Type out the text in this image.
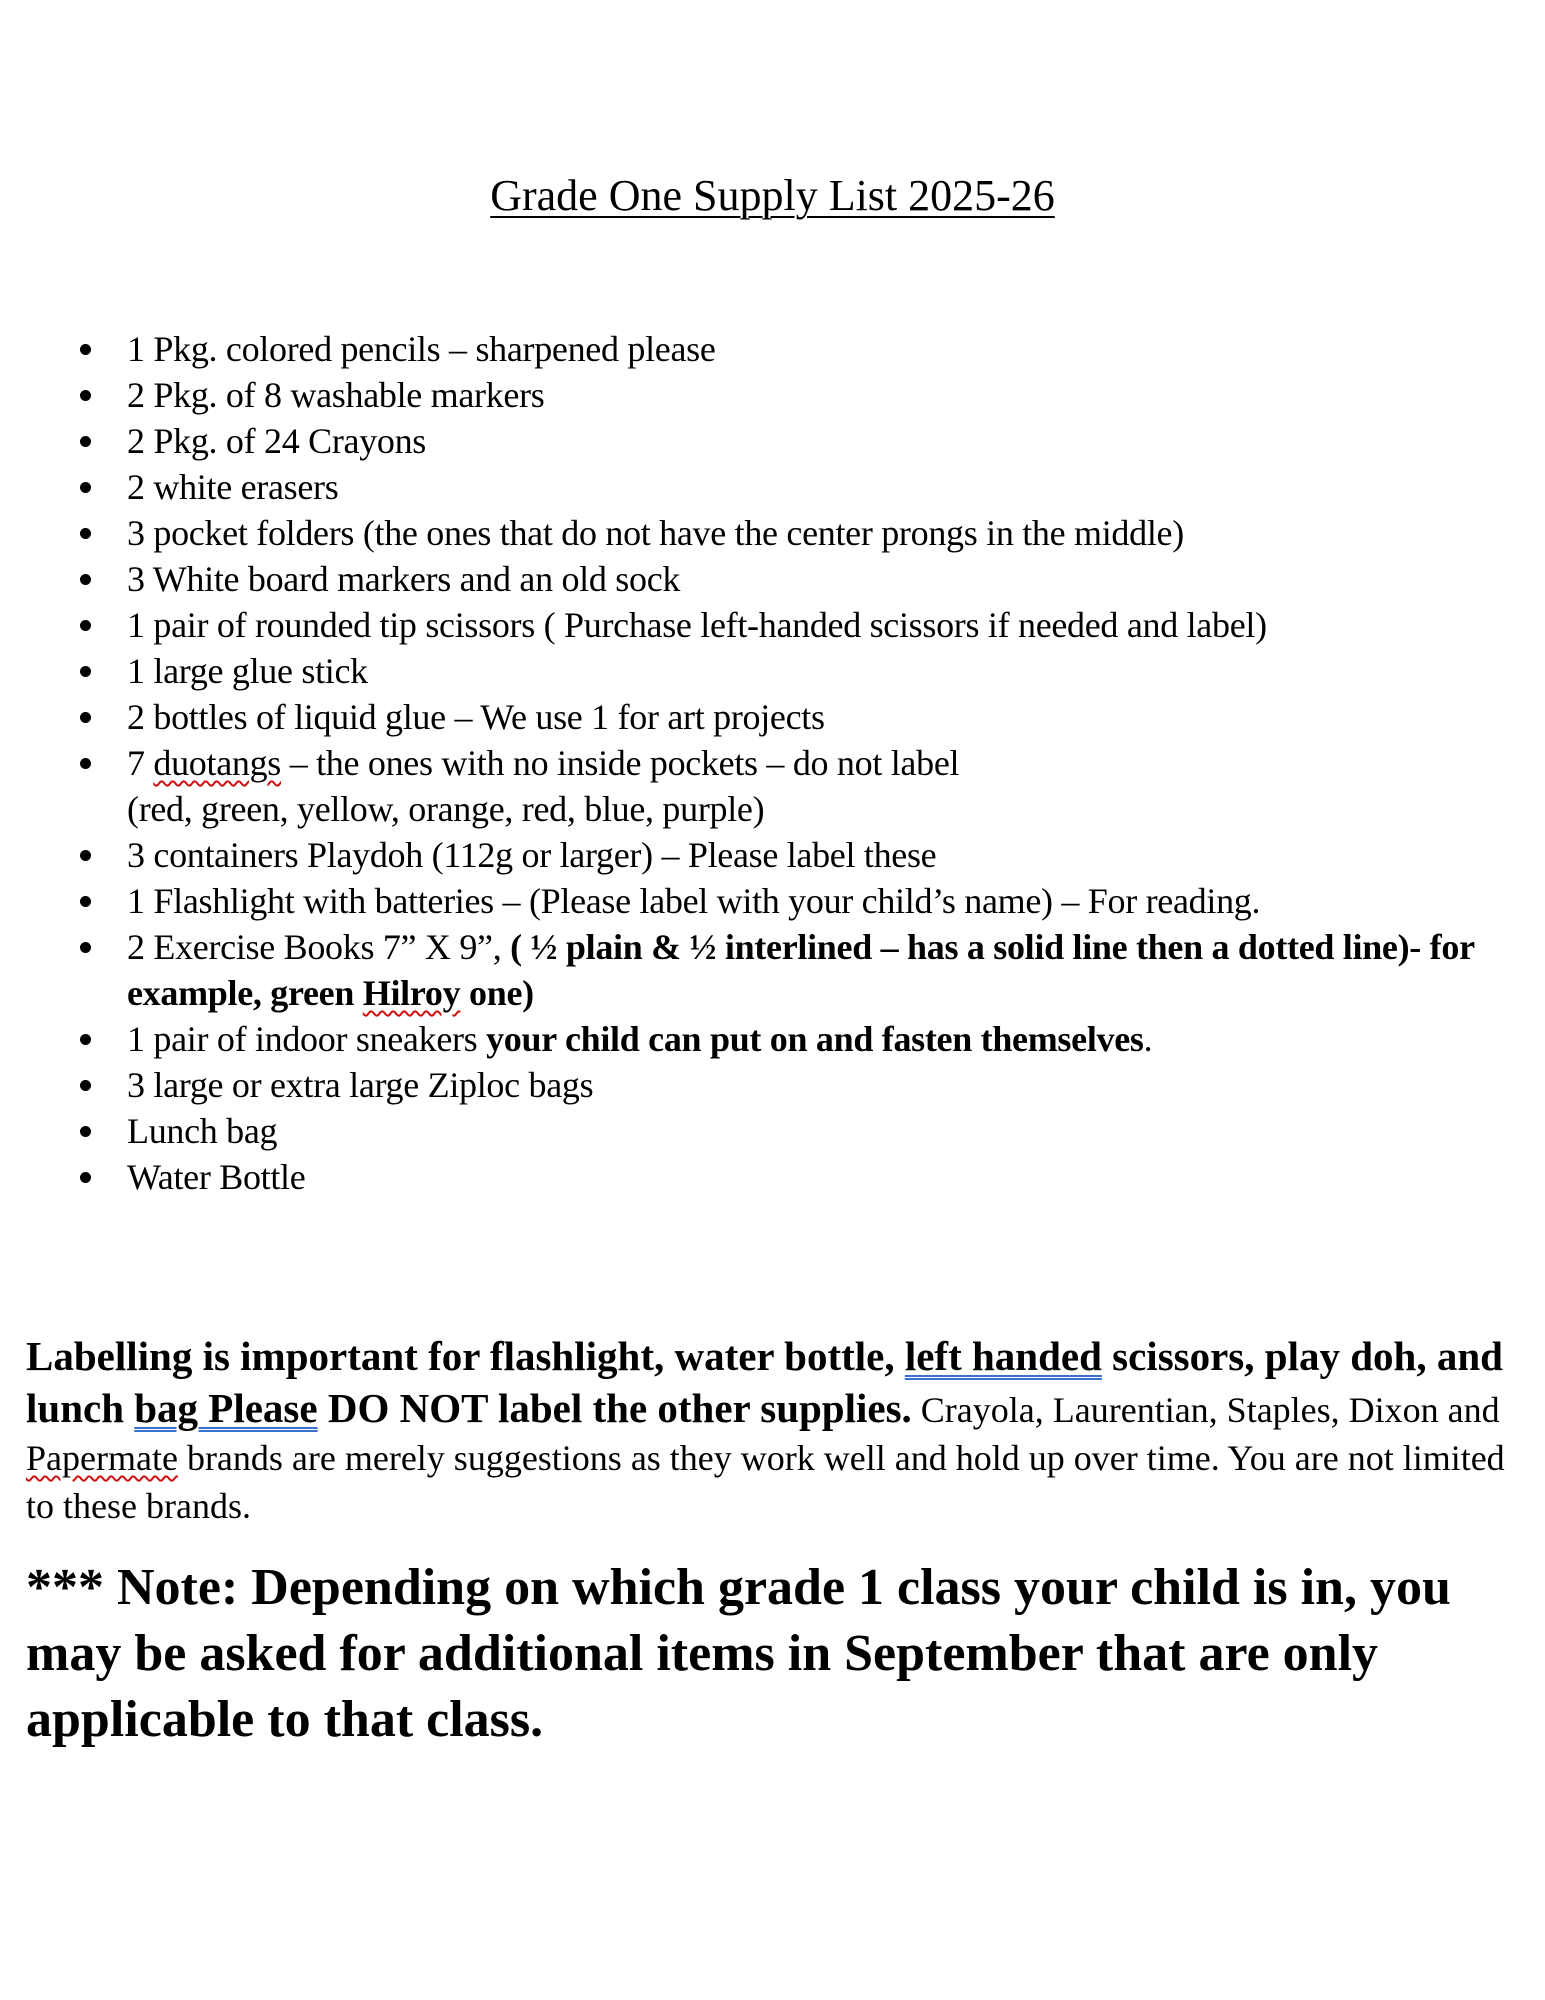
Grade One Supply List 2025-26
1 Pkg. colored pencils – sharpened please
2 Pkg. of 8 washable markers
2 Pkg. of 24 Crayons
2 white erasers
3 pocket folders (the ones that do not have the center prongs in the middle)
3 White board markers and an old sock
1 pair of rounded tip scissors ( Purchase left-handed scissors if needed and label)
1 large glue stick
2 bottles of liquid glue – We use 1 for art projects
7 duotangs – the ones with no inside pockets – do not label
(red, green, yellow, orange, red, blue, purple)
3 containers Playdoh (112g or larger) – Please label these
1 Flashlight with batteries – (Please label with your child’s name) – For reading.
2 Exercise Books 7” X 9”, ( ½ plain & ½ interlined – has a solid line then a dotted line)- for example, green Hilroy one)
1 pair of indoor sneakers your child can put on and fasten themselves.
3 large or extra large Ziploc bags
Lunch bag
Water Bottle
Labelling is important for flashlight, water bottle, left handed scissors, play doh, and lunch bag Please DO NOT label the other supplies. Crayola, Laurentian, Staples, Dixon and Papermate brands are merely suggestions as they work well and hold up over time. You are not limited to these brands.
*** Note: Depending on which grade 1 class your child is in, you may be asked for additional items in September that are only applicable to that class.
